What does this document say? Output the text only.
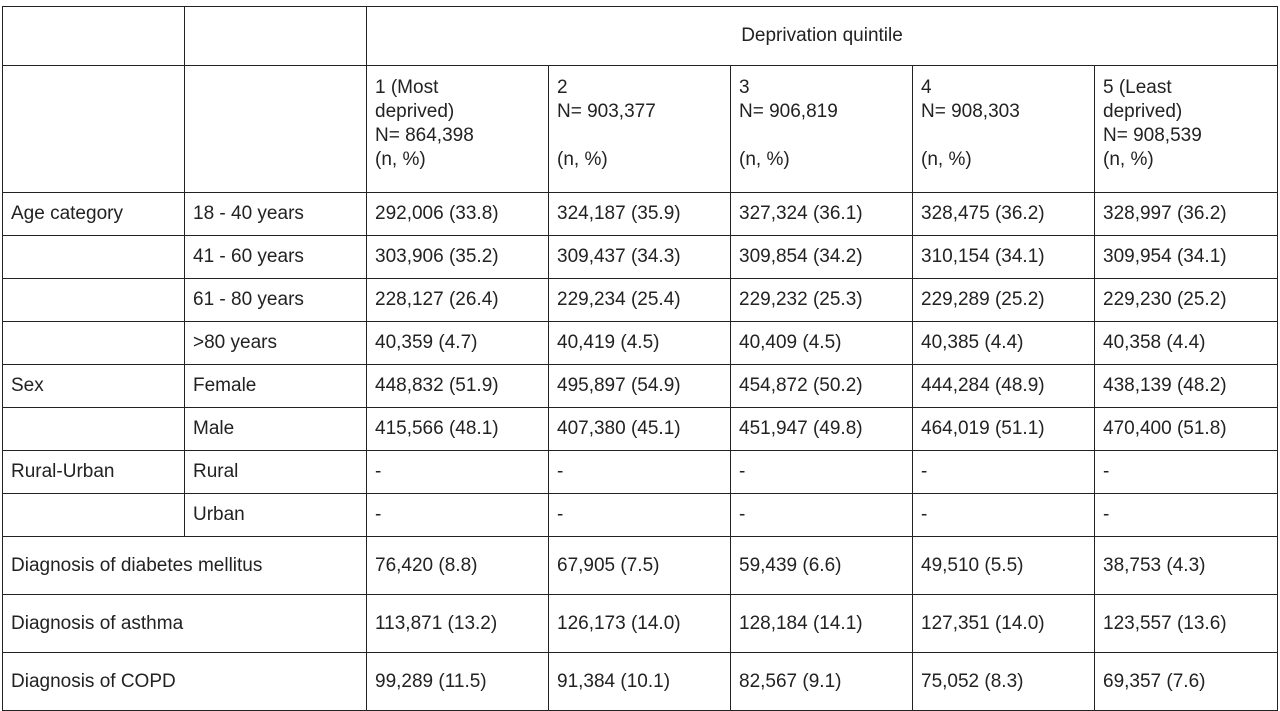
		Deprivation quintile				
		1 (Most
deprived)
N= 864,398
(n, %)	2
N= 903,377

(n, %)	3
N= 906,819

(n, %)	4
N= 908,303

(n, %)	5 (Least
deprived)
N= 908,539
(n, %)
Age category	18 - 40 years	292,006 (33.8)	324,187 (35.9)	327,324 (36.1)	328,475 (36.2)	328,997 (36.2)
	41 - 60 years	303,906 (35.2)	309,437 (34.3)	309,854 (34.2)	310,154 (34.1)	309,954 (34.1)
	61 - 80 years	228,127 (26.4)	229,234 (25.4)	229,232 (25.3)	229,289 (25.2)	229,230 (25.2)
	>80 years	40,359 (4.7)	40,419 (4.5)	40,409 (4.5)	40,385 (4.4)	40,358 (4.4)
Sex	Female	448,832 (51.9)	495,897 (54.9)	454,872 (50.2)	444,284 (48.9)	438,139 (48.2)
	Male	415,566 (48.1)	407,380 (45.1)	451,947 (49.8)	464,019 (51.1)	470,400 (51.8)
Rural-Urban	Rural	-	-	-	-	-
	Urban	-	-	-	-	-
Diagnosis of diabetes mellitus		76,420 (8.8)	67,905 (7.5)	59,439 (6.6)	49,510 (5.5)	38,753 (4.3)
Diagnosis of asthma		113,871 (13.2)	126,173 (14.0)	128,184 (14.1)	127,351 (14.0)	123,557 (13.6)
Diagnosis of COPD		99,289 (11.5)	91,384 (10.1)	82,567 (9.1)	75,052 (8.3)	69,357 (7.6)
